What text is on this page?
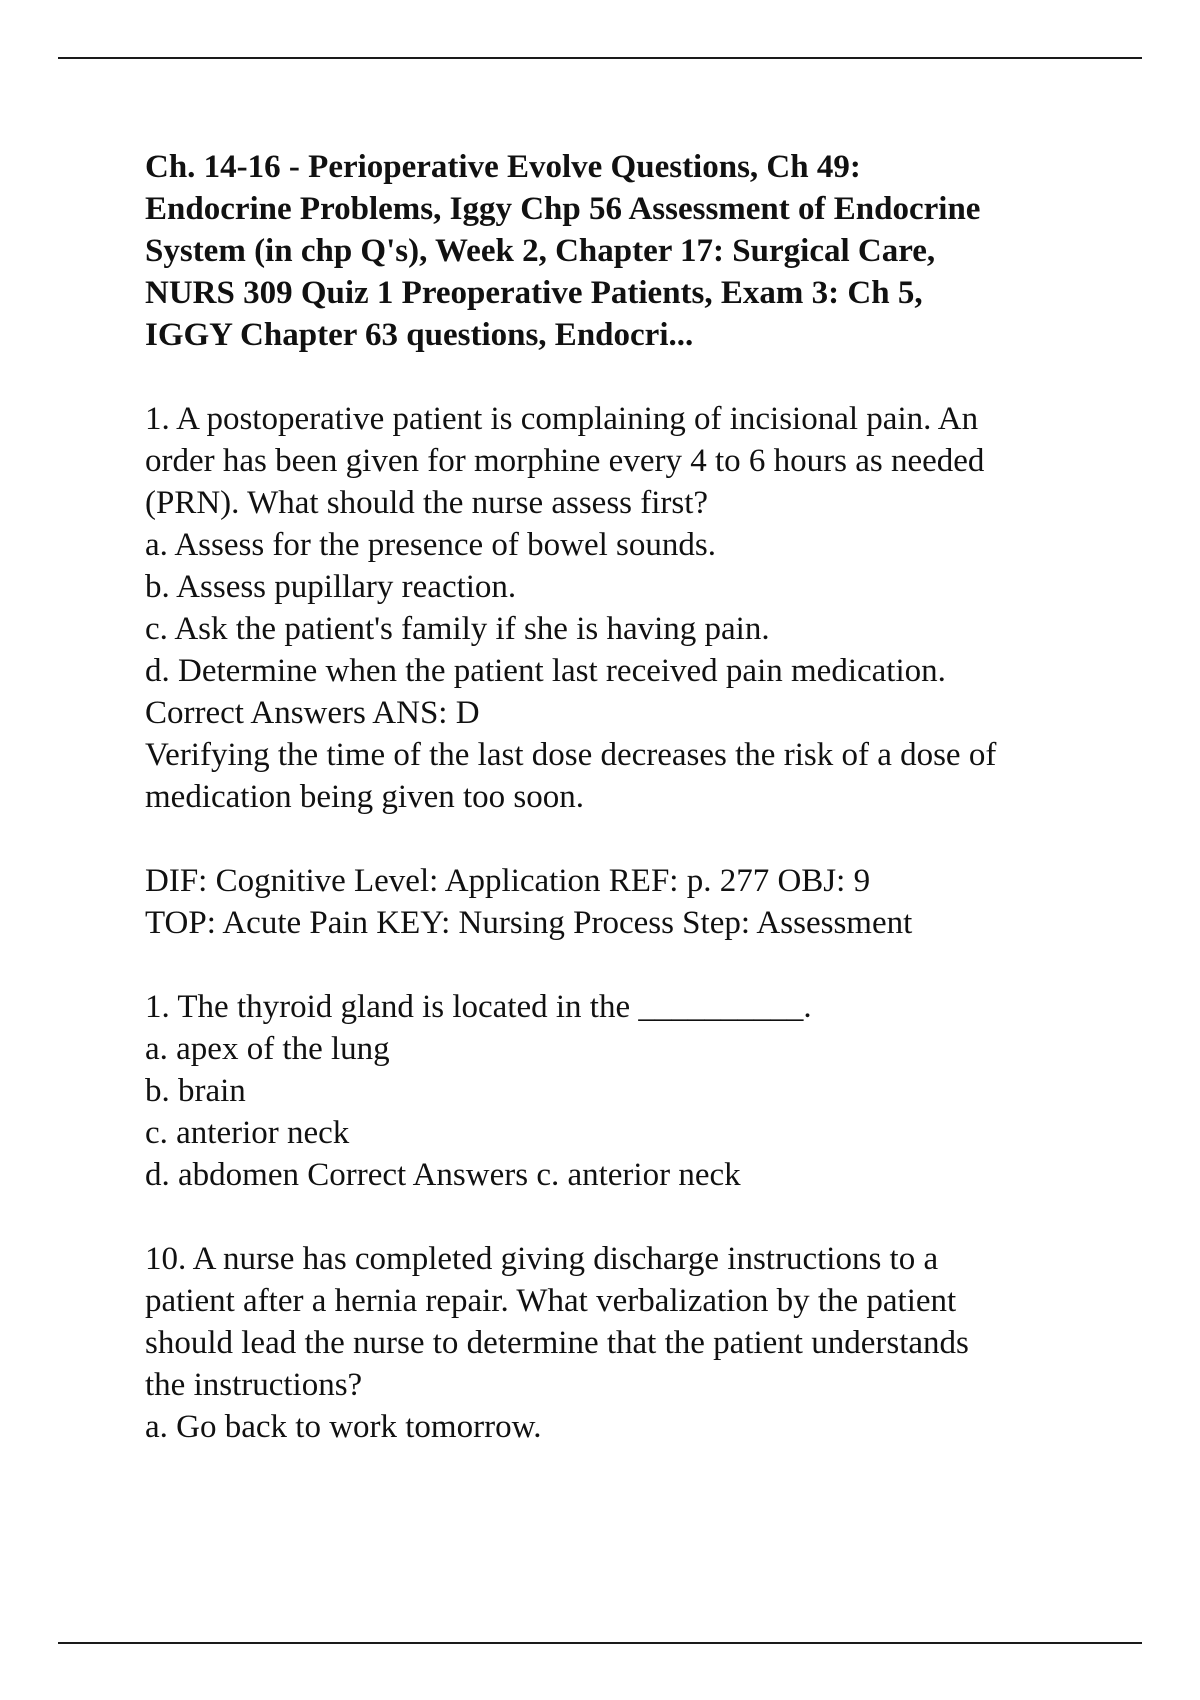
Ch. 14-16 - Perioperative Evolve Questions, Ch 49:
Endocrine Problems, Iggy Chp 56 Assessment of Endocrine
System (in chp Q's), Week 2, Chapter 17: Surgical Care,
NURS 309 Quiz 1 Preoperative Patients, Exam 3: Ch 5,
IGGY Chapter 63 questions, Endocri...
1. A postoperative patient is complaining of incisional pain. An
order has been given for morphine every 4 to 6 hours as needed
(PRN). What should the nurse assess first?
a. Assess for the presence of bowel sounds.
b. Assess pupillary reaction.
c. Ask the patient's family if she is having pain.
d. Determine when the patient last received pain medication.
Correct Answers ANS: D
Verifying the time of the last dose decreases the risk of a dose of
medication being given too soon.
DIF: Cognitive Level: Application REF: p. 277 OBJ: 9
TOP: Acute Pain KEY: Nursing Process Step: Assessment
1. The thyroid gland is located in the __________.
a. apex of the lung
b. brain
c. anterior neck
d. abdomen Correct Answers c. anterior neck
10. A nurse has completed giving discharge instructions to a
patient after a hernia repair. What verbalization by the patient
should lead the nurse to determine that the patient understands
the instructions?
a. Go back to work tomorrow.
